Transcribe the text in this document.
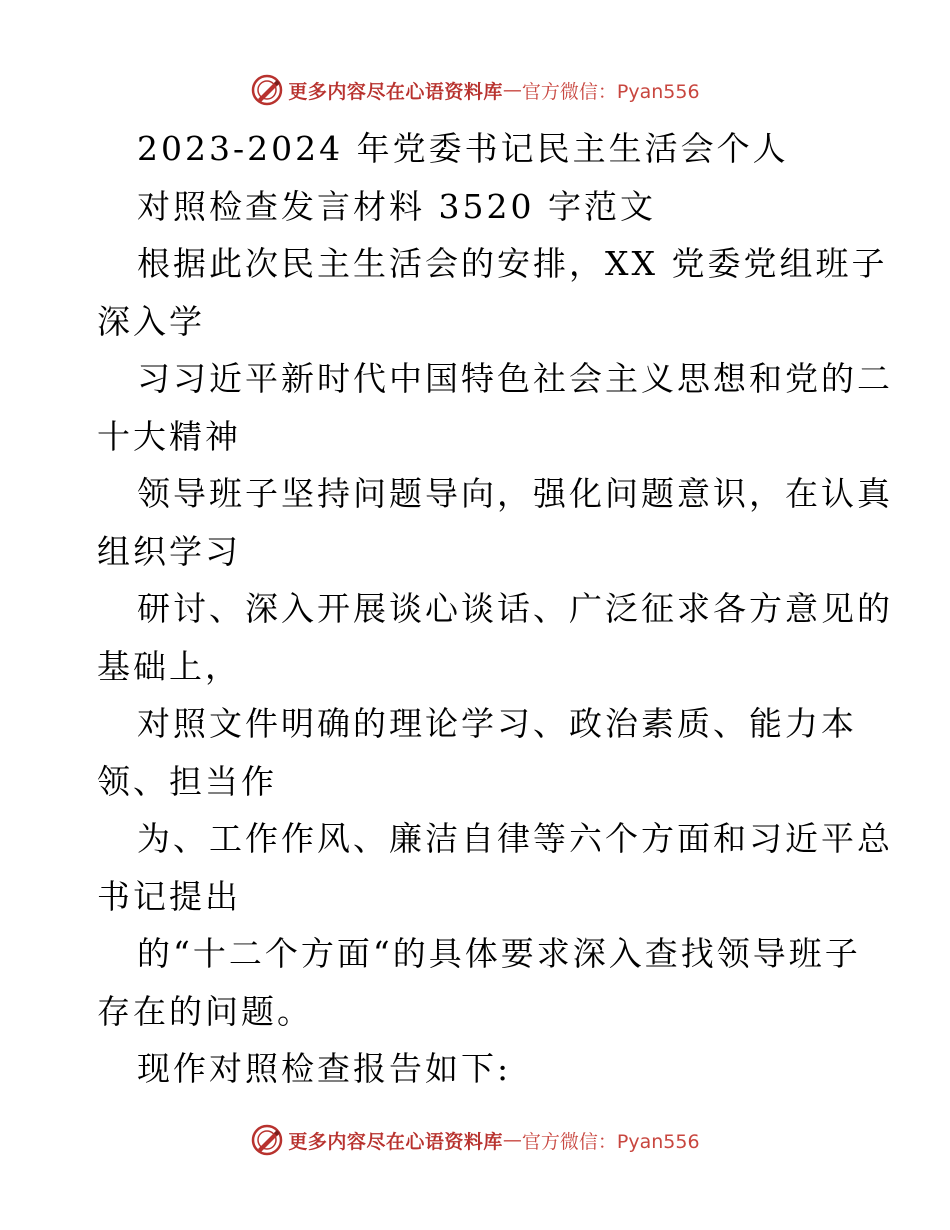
更多内容尽在心语资料库 — 官方微信：Pyan556
2023-2024 年党委书记民主生活会个人
对照检查发言材料 3520 字范文
根据此次民主生活会的安排，XX 党委党组班子
深入学
习习近平新时代中国特色社会主义思想和党的二
十大精神
领导班子坚持问题导向，强化问题意识，在认真
组织学习
研讨、深入开展谈心谈话、广泛征求各方意见的
基础上，
对照文件明确的理论学习、政治素质、能力本
领、担当作
为、工作作风、廉洁自律等六个方面和习近平总
书记提出
的“十二个方面“的具体要求深入查找领导班子
存在的问题。
现作对照检查报告如下:
更多内容尽在心语资料库 — 官方微信：Pyan556
